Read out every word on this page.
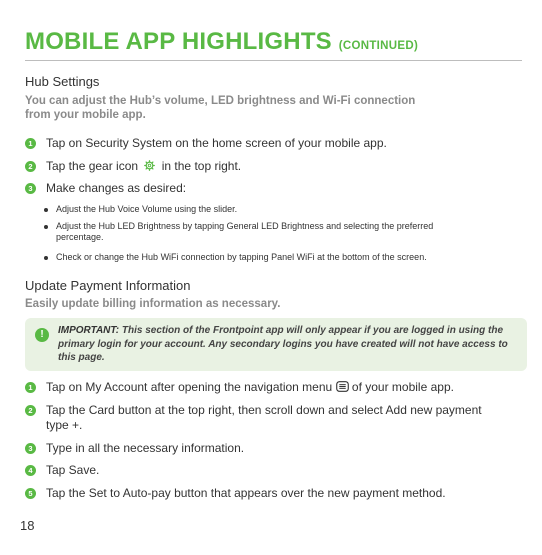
MOBILE APP HIGHLIGHTS (CONTINUED)
Hub Settings

You can adjust the Hub’s volume, LED brightness and Wi-Fi connection
from your mobile app.

1 Tap on Security System on the home screen of your mobile app.
2 Tap the gear icon in the top right.
3 Make changes as desired:
Adjust the Hub Voice Volume using the slider.
Adjust the Hub LED Brightness by tapping General LED Brightness and selecting the preferred percentage.
Check or change the Hub WiFi connection by tapping Panel WiFi at the bottom of the screen.
Update Payment Information

Easily update billing information as necessary.

!	IMPORTANT: This section of the Frontpoint app will only appear if you are logged in using the primary login for your account. Any secondary logins you have created will not have access to this page.
1 Tap on My Account after opening the navigation menu of your mobile app.
2 Tap the Card button at the top right, then scroll down and select Add new payment type +.
3 Type in all the necessary information.
4 Tap Save.
5 Tap the Set to Auto-pay button that appears over the new payment method.
18
